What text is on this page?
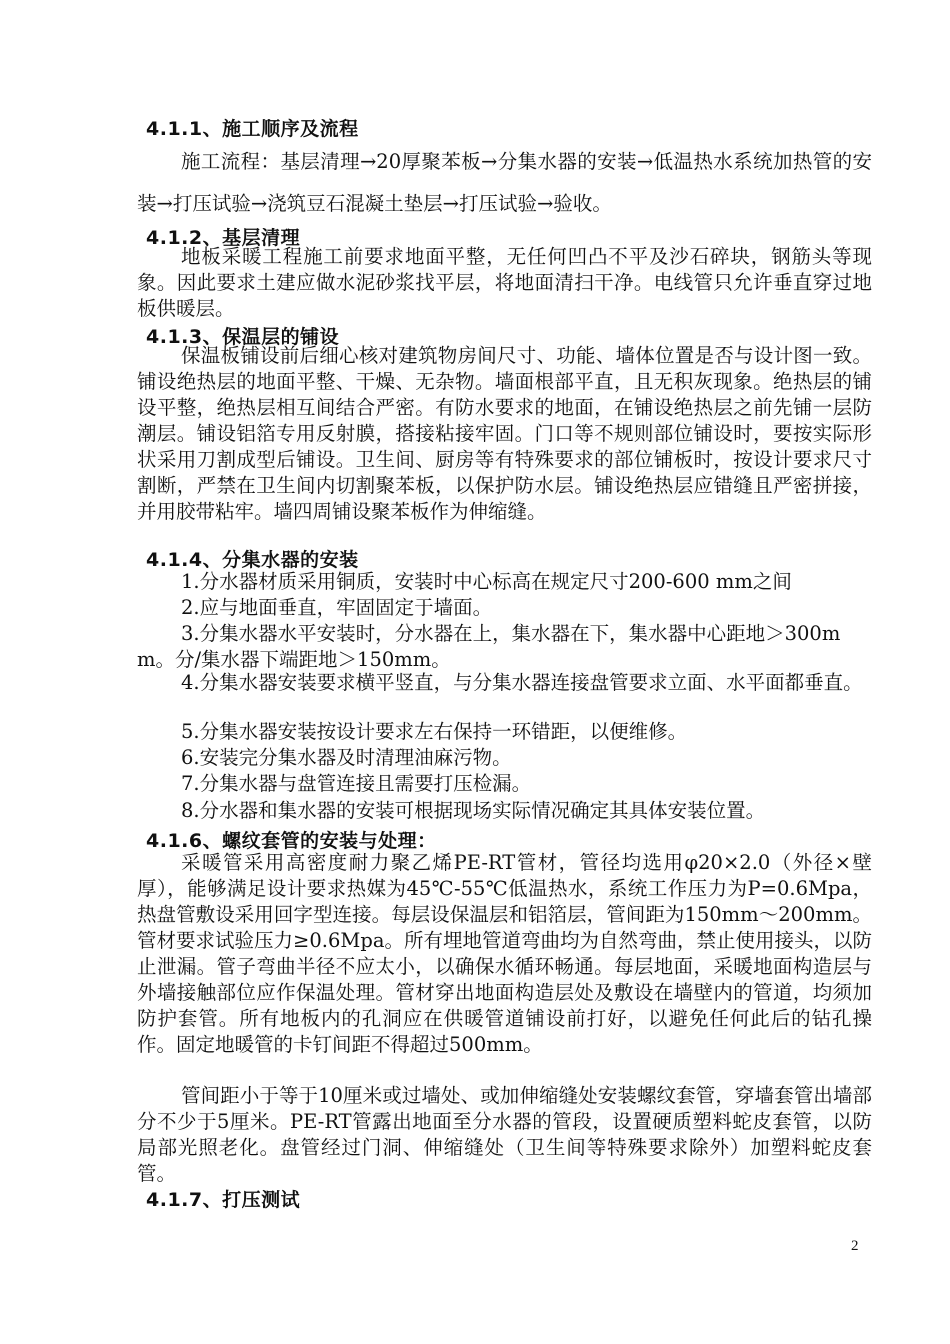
4.1.1、施工顺序及流程
施工流程：基层清理→20厚聚苯板→分集水器的安装→低温热水系统加热管的安装→打压试验→浇筑豆石混凝土垫层→打压试验→验收。
4.1.2、基层清理
地板采暖工程施工前要求地面平整，无任何凹凸不平及沙石碎块，钢筋头等现象。因此要求土建应做水泥砂浆找平层，将地面清扫干净。电线管只允许垂直穿过地板供暖层。
4.1.3、保温层的铺设
保温板铺设前后细心核对建筑物房间尺寸、功能、墙体位置是否与设计图一致。铺设绝热层的地面平整、干燥、无杂物。墙面根部平直，且无积灰现象。绝热层的铺设平整，绝热层相互间结合严密。有防水要求的地面，在铺设绝热层之前先铺一层防潮层。铺设铝箔专用反射膜，搭接粘接牢固。门口等不规则部位铺设时，要按实际形状采用刀割成型后铺设。卫生间、厨房等有特殊要求的部位铺板时，按设计要求尺寸割断，严禁在卫生间内切割聚苯板，以保护防水层。铺设绝热层应错缝且严密拼接，并用胶带粘牢。墙四周铺设聚苯板作为伸缩缝。
4.1.4、分集水器的安装
1.分水器材质采用铜质，安装时中心标高在规定尺寸200-600 mm之间
2.应与地面垂直，牢固固定于墙面。
3.分集水器水平安装时，分水器在上，集水器在下，集水器中心距地＞300mm。分/集水器下端距地＞150mm。
4.分集水器安装要求横平竖直，与分集水器连接盘管要求立面、水平面都垂直。
5.分集水器安装按设计要求左右保持一环错距，以便维修。
6.安装完分集水器及时清理油麻污物。
7.分集水器与盘管连接且需要打压检漏。
8.分水器和集水器的安装可根据现场实际情况确定其具体安装位置。
4.1.6、螺纹套管的安装与处理：
采暖管采用高密度耐力聚乙烯PE-RT管材，管径均选用φ20×2.0（外径×壁厚），能够满足设计要求热媒为45℃-55℃低温热水，系统工作压力为P=0.6Mpa，热盘管敷设采用回字型连接。每层设保温层和铝箔层，管间距为150mm～200mm。管材要求试验压力≥0.6Mpa。所有埋地管道弯曲均为自然弯曲，禁止使用接头，以防止泄漏。管子弯曲半径不应太小，以确保水循环畅通。每层地面，采暖地面构造层与外墙接触部位应作保温处理。管材穿出地面构造层处及敷设在墙壁内的管道，均须加防护套管。所有地板内的孔洞应在供暖管道铺设前打好，以避免任何此后的钻孔操作。固定地暖管的卡钉间距不得超过500mm。
管间距小于等于10厘米或过墙处、或加伸缩缝处安装螺纹套管，穿墙套管出墙部分不少于5厘米。PE-RT管露出地面至分水器的管段，设置硬质塑料蛇皮套管，以防局部光照老化。盘管经过门洞、伸缩缝处（卫生间等特殊要求除外）加塑料蛇皮套管。
4.1.7、打压测试
2
